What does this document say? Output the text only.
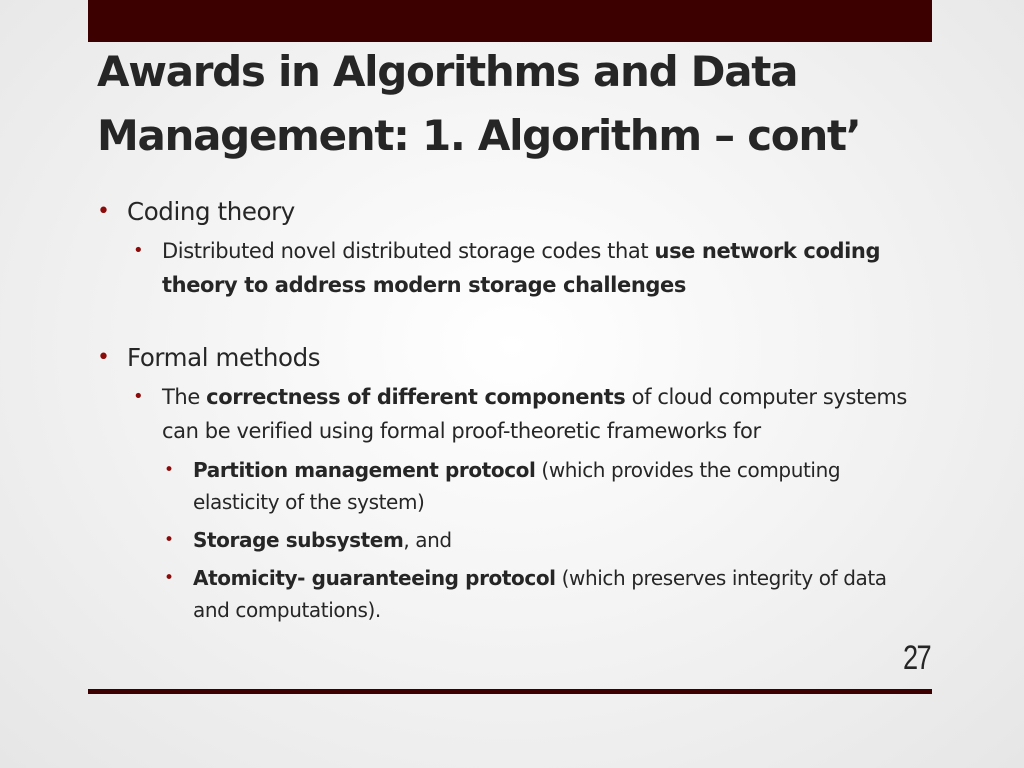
Awards in Algorithms and Data
Management: 1. Algorithm – cont’
• Coding theory
• Distributed novel distributed storage codes that use network coding theory to address modern storage challenges
• Formal methods
• The correctness of different components of cloud computer systems can be verified using formal proof-theoretic frameworks for
• Partition management protocol (which provides the computing elasticity of the system)
• Storage subsystem, and
• Atomicity- guaranteeing protocol (which preserves integrity of data and computations).
27
